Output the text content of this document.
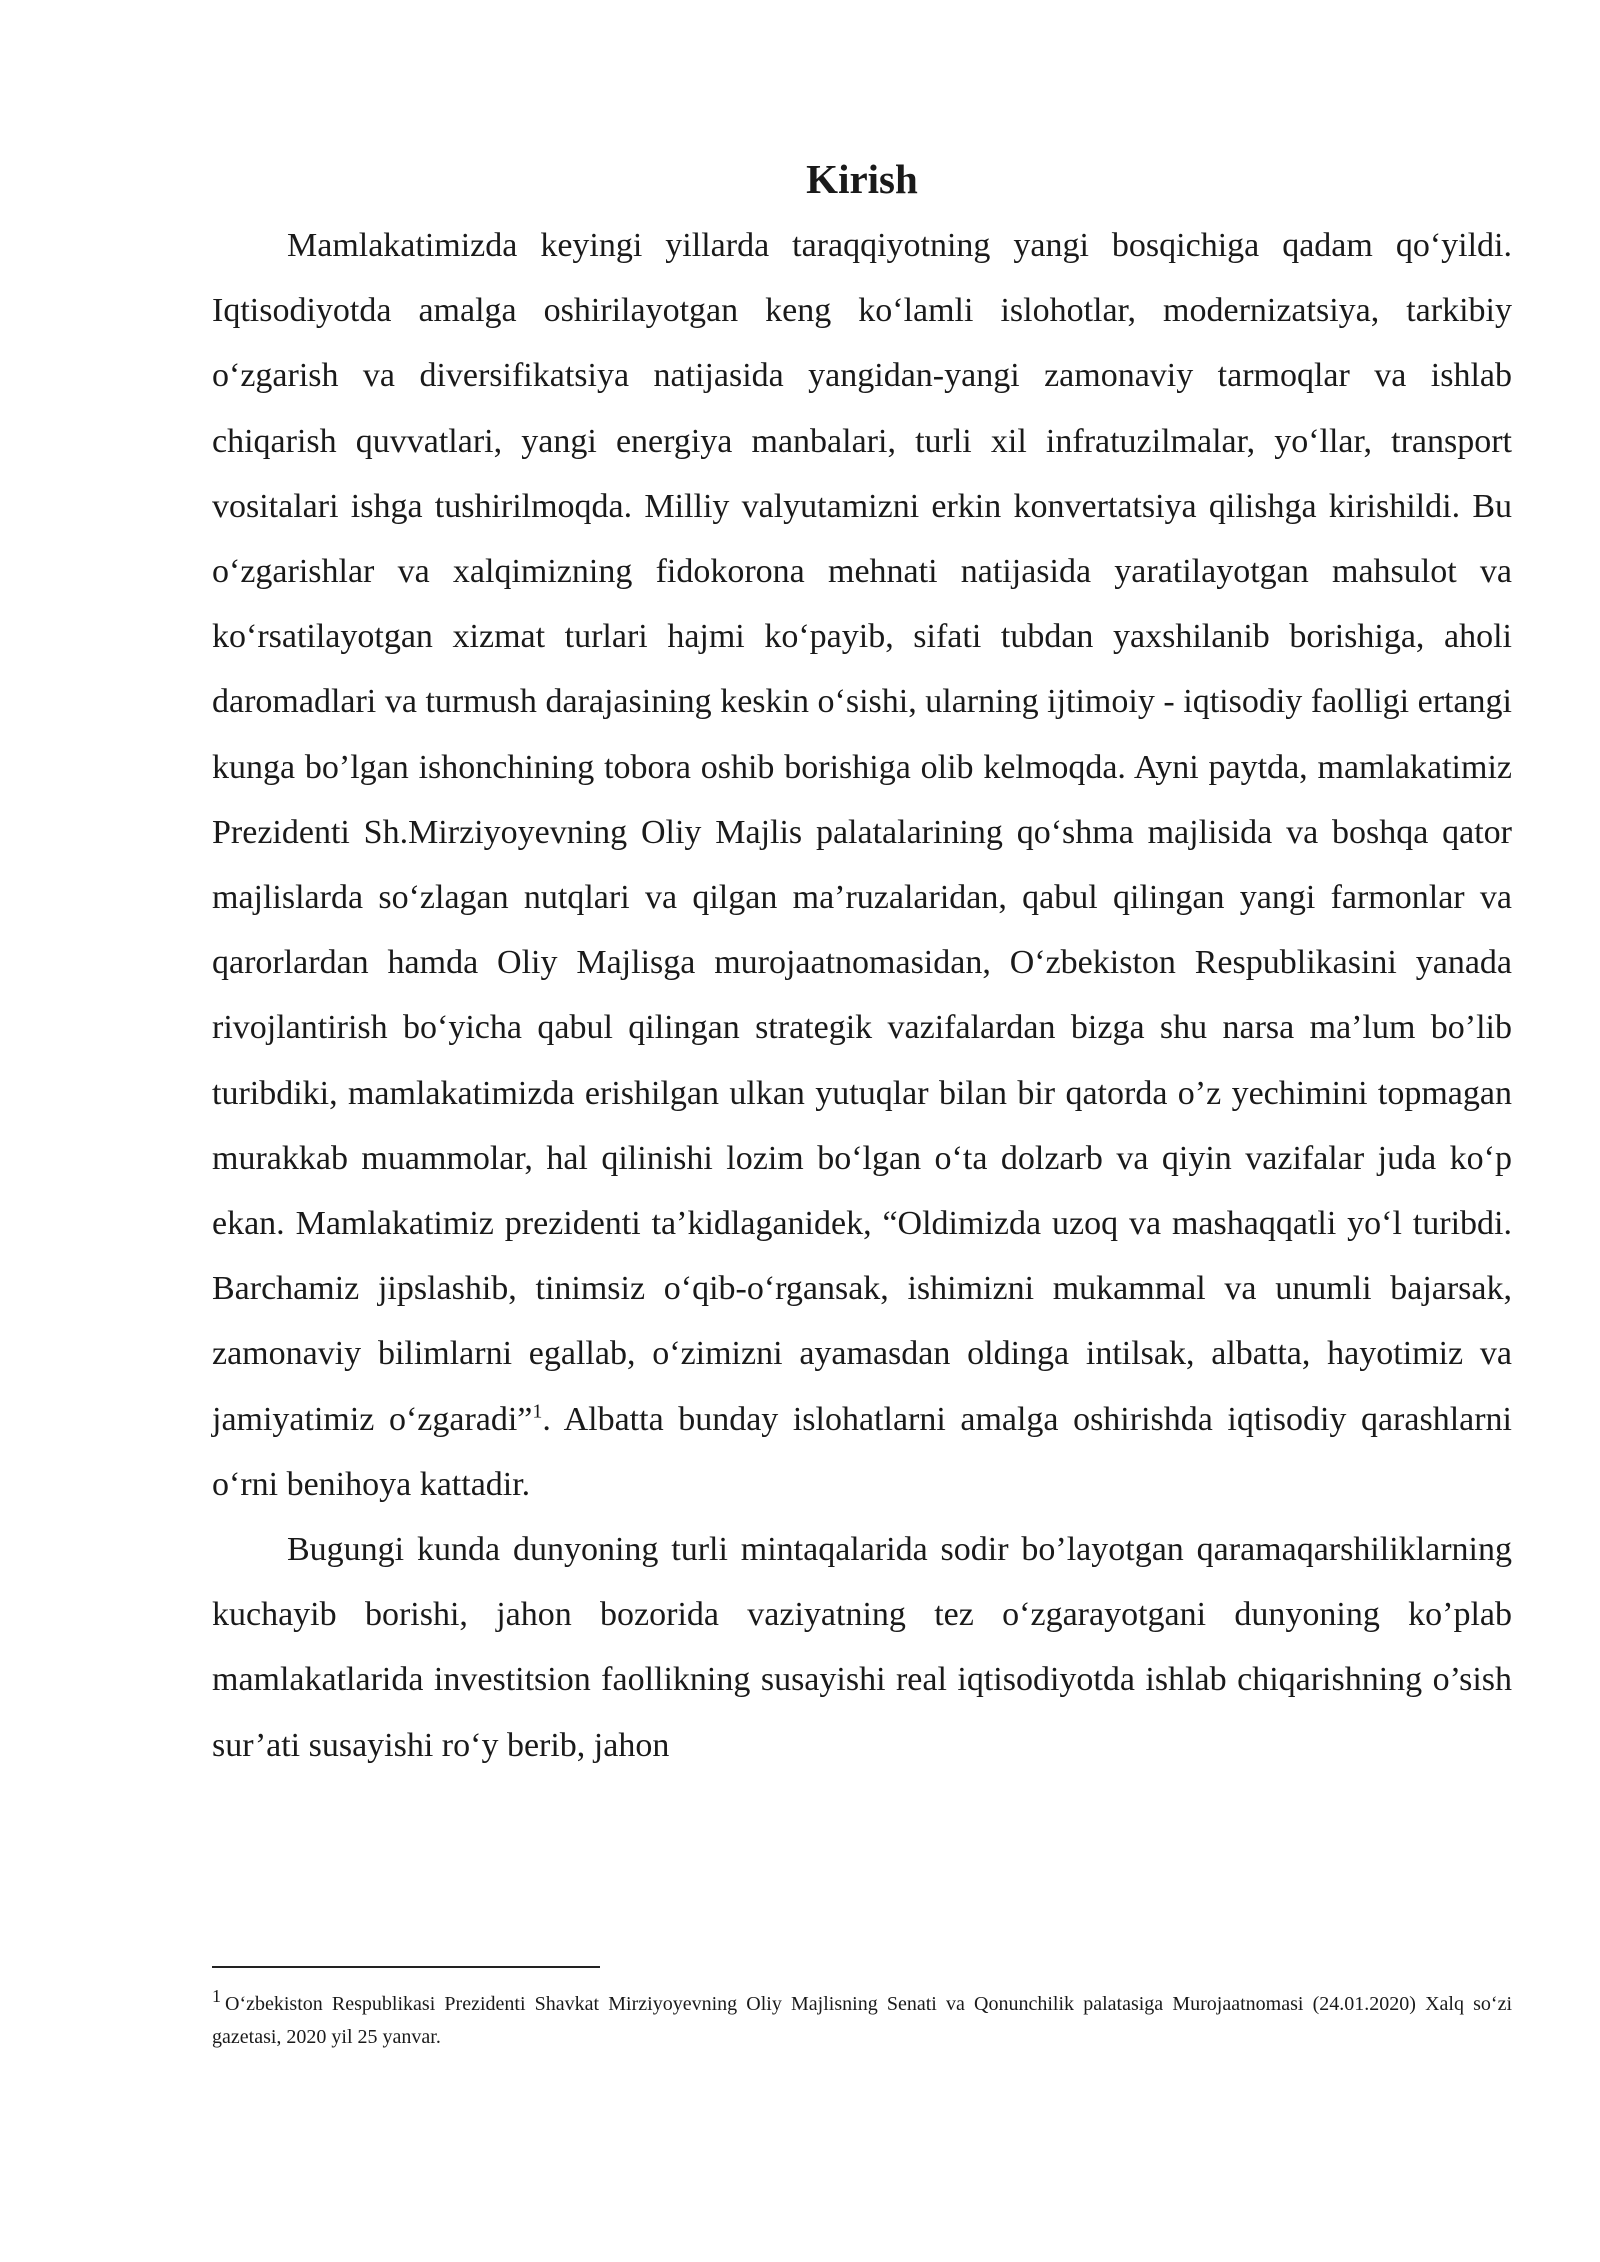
Kirish

Mamlakatimizda keyingi yillarda taraqqiyotning yangi bosqichiga qadam qo‘yildi. Iqtisodiyotda amalga oshirilayotgan keng ko‘lamli islohotlar, modernizatsiya, tarkibiy o‘zgarish va diversifikatsiya natijasida yangidan-yangi zamonaviy tarmoqlar va ishlab chiqarish quvvatlari, yangi energiya manbalari, turli xil infratuzilmalar, yo‘llar, transport vositalari ishga tushirilmoqda. Milliy valyutamizni erkin konvertatsiya qilishga kirishildi. Bu o‘zgarishlar va xalqimizning fidokorona mehnati natijasida yaratilayotgan mahsulot va ko‘rsatilayotgan xizmat turlari hajmi ko‘payib, sifati tubdan yaxshilanib borishiga, aholi daromadlari va turmush darajasining keskin o‘sishi, ularning ijtimoiy - iqtisodiy faolligi ertangi kunga bo’lgan ishonchining tobora oshib borishiga olib kelmoqda. Ayni paytda, mamlakatimiz Prezidenti Sh.Mirziyoyevning Oliy Majlis palatalarining qo‘shma majlisida va boshqa qator majlislarda so‘zlagan nutqlari va qilgan ma’ruzalaridan, qabul qilingan yangi farmonlar va qarorlardan hamda Oliy Majlisga murojaatnomasidan, O‘zbekiston Respublikasini yanada rivojlantirish bo‘yicha qabul qilingan strategik vazifalardan bizga shu narsa ma’lum bo’lib turibdiki, mamlakatimizda erishilgan ulkan yutuqlar bilan bir qatorda o’z yechimini topmagan murakkab muammolar, hal qilinishi lozim bo‘lgan o‘ta dolzarb va qiyin vazifalar juda ko‘p ekan. Mamlakatimiz prezidenti ta’kidlaganidek, “Oldimizda uzoq va mashaqqatli yo‘l turibdi. Barchamiz jipslashib, tinimsiz o‘qib-o‘rgansak, ishimizni mukammal va unumli bajarsak, zamonaviy bilimlarni egallab, o‘zimizni ayamasdan oldinga intilsak, albatta, hayotimiz va jamiyatimiz o‘zgaradi”$^1$. Albatta bunday islohatlarni amalga oshirishda iqtisodiy qarashlarni o‘rni benihoya kattadir.

Bugungi kunda dunyoning turli mintaqalarida sodir bo’layotgan qaramaqarshiliklarning kuchayib borishi, jahon bozorida vaziyatning tez o‘zgarayotgani dunyoning ko’plab mamlakatlarida investitsion faollikning susayishi real iqtisodiyotda ishlab chiqarishning o’sish sur’ati susayishi ro‘y berib, jahon

1 O‘zbekiston Respublikasi Prezidenti Shavkat Mirziyoyevning Oliy Majlisning Senati va Qonunchilik palatasiga Murojaatnomasi (24.01.2020) Xalq so‘zi gazetasi, 2020 yil 25 yanvar.
